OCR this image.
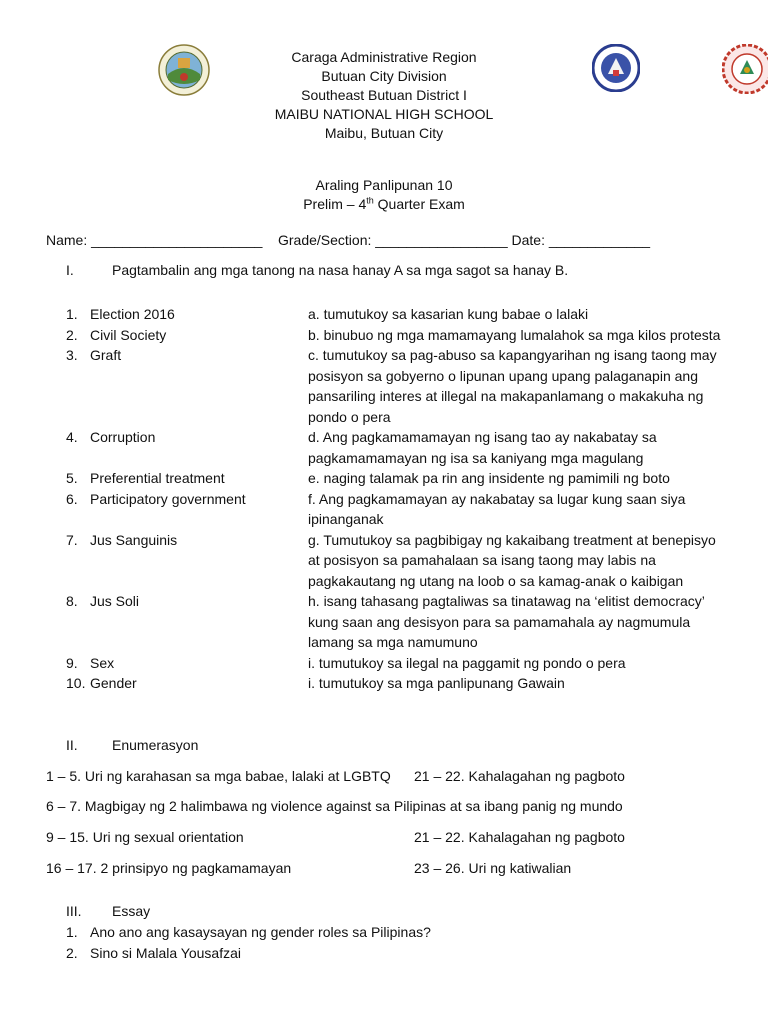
Caraga Administrative Region
Butuan City Division
Southeast Butuan District I
MAIBU NATIONAL HIGH SCHOOL
Maibu, Butuan City
Araling Panlipunan 10
Prelim – 4th Quarter Exam
Name: ______________________ Grade/Section: _________________ Date: _____________
I.	Pagtambalin ang mga tanong na nasa hanay A sa mga sagot sa hanay B.
1. Election 2016	a. tumutukoy sa kasarian kung babae o lalaki
2. Civil Society	b. binubuo ng mga mamamayang lumalahok sa mga kilos protesta
3. Graft	c. tumutukoy sa pag-abuso sa kapangyarihan ng isang taong may posisyon sa gobyerno o lipunan upang upang palaganapin ang pansariling interes at illegal na makapanlamang o makakuha ng pondo o pera
4. Corruption	d. Ang pagkamamamayan ng isang tao ay nakabatay sa pagkamamamayan ng isa sa kaniyang mga magulang
5. Preferential treatment	e. naging talamak pa rin ang insidente ng pamimili ng boto
6. Participatory government	f. Ang pagkamamayan ay nakabatay sa lugar kung saan siya ipinanganak
7. Jus Sanguinis	g. Tumutukoy sa pagbibigay ng kakaibang treatment at benepisyo at posisyon sa pamahalaan sa isang taong may labis na pagkakautang ng utang na loob o sa kamag-anak o kaibigan
8. Jus Soli	h. isang tahasang pagtaliwas sa tinatawag na ‘elitist democracy’ kung saan ang desisyon para sa pamamahala ay nagmumula lamang sa mga namumuno
9. Sex	i. tumutukoy sa ilegal na paggamit ng pondo o pera
10. Gender	i. tumutukoy sa mga panlipunang Gawain
II. Enumerasyon
1 – 5. Uri ng karahasan sa mga babae, lalaki at LGBTQ 21 – 22. Kahalagahan ng pagboto
6 – 7. Magbigay ng 2 halimbawa ng violence against sa Pilipinas at sa ibang panig ng mundo
9 – 15. Uri ng sexual orientation	21 – 22. Kahalagahan ng pagboto
16 – 17. 2 prinsipyo ng pagkamamayan	23 – 26. Uri ng katiwalian
III. Essay
1. Ano ano ang kasaysayan ng gender roles sa Pilipinas?
2. Sino si Malala Yousafzai
